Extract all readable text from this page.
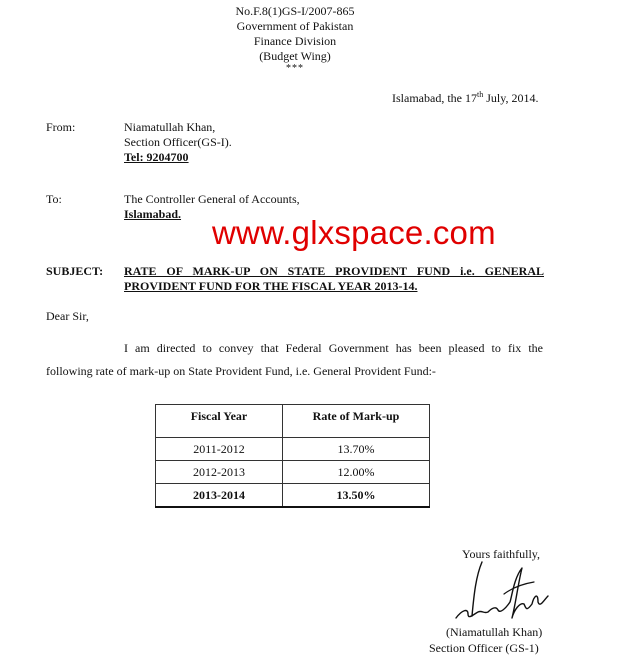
No.F.8(1)GS-I/2007-865
Government of Pakistan
Finance Division
(Budget Wing)
***
Islamabad, the 17th July, 2014.
From:	Niamatullah Khan,
Section Officer(GS-I).
Tel: 9204700
To:	The Controller General of Accounts,
Islamabad. www.glxspace.com
SUBJECT: RATE OF MARK-UP ON STATE PROVIDENT FUND i.e. GENERAL
PROVIDENT FUND FOR THE FISCAL YEAR 2013-14.
Dear Sir,
I am directed to convey that Federal Government has been pleased to fix the
following rate of mark-up on State Provident Fund, i.e. General Provident Fund:-
Fiscal Year	Rate of Mark-up
2011-2012	13.70%
2012-2013	12.00%
2013-2014	13.50%
Yours faithfully,
(Niamatullah Khan)
Section Officer (GS-1)
